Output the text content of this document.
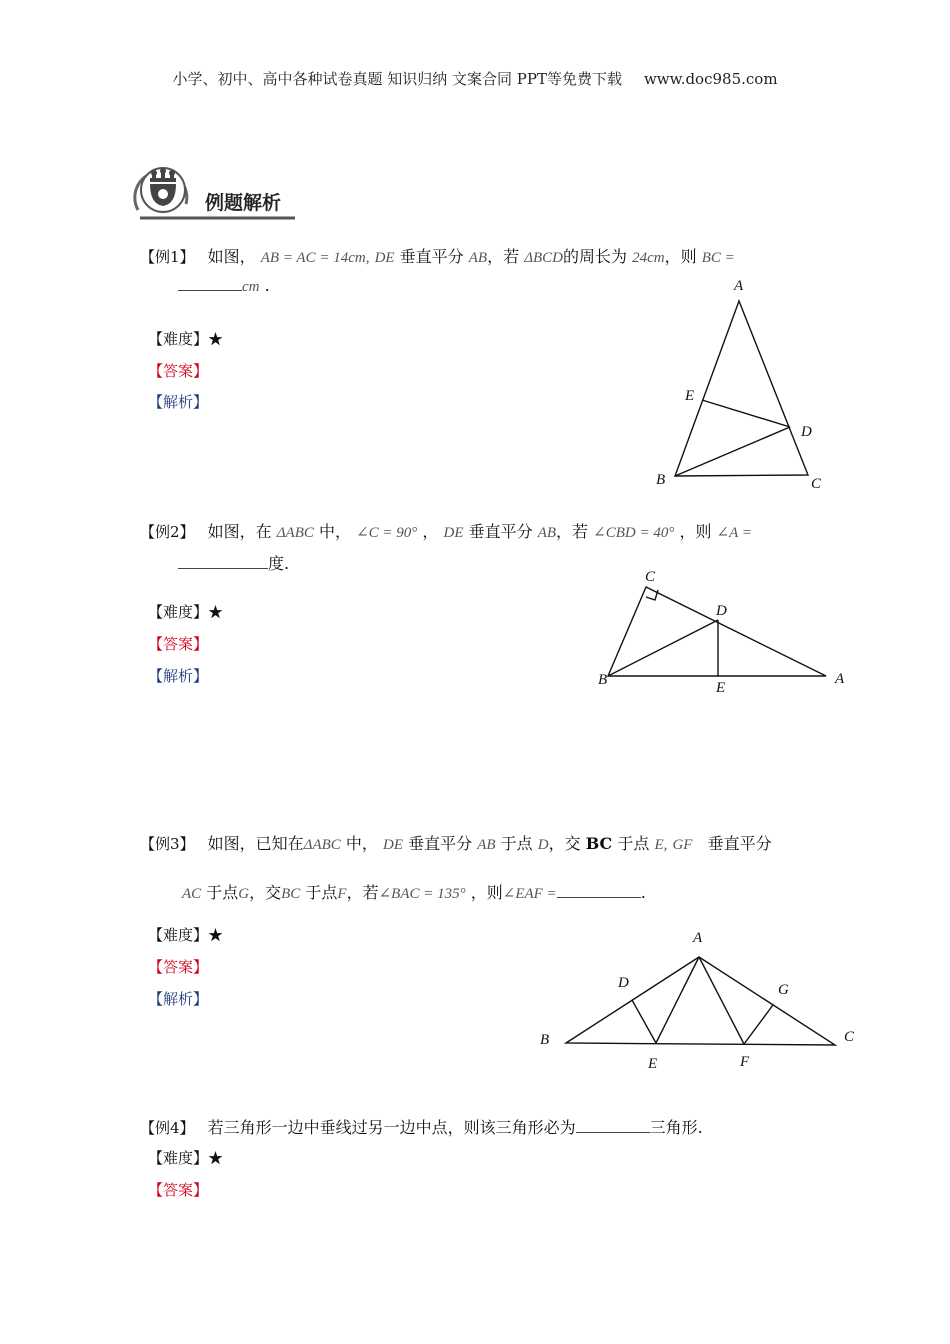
小学、初中、高中各种试卷真题 知识归纳 文案合同 PPT等免费下载 www.doc985.com
例题解析
【例1】 如图， AB = AC = 14cm, DE 垂直平分 AB，若 ΔBCD的周长为 24cm，则 BC =
cm .
【难度】★
【答案】
【解析】
A
E
D
B	C
【例2】 如图，在 ΔABC 中， ∠C = 90° ， DE 垂直平分 AB，若 ∠CBD = 40° ，则 ∠A =
度.
【难度】★
【答案】
【解析】
C
D
B	E
A
【例3】 如图，已知在ΔABC 中， DE 垂直平分 AB 于点 D，交 BC 于点 E, GF 垂直平分
AC 于点G，交BC 于点F，若∠BAC = 135° ，则∠EAF =	.
【难度】★
【答案】
【解析】
A
D	G
B	C
E	F
【例4】 若三角形一边中垂线过另一边中点，则该三角形必为	三角形.
【难度】★
【答案】
